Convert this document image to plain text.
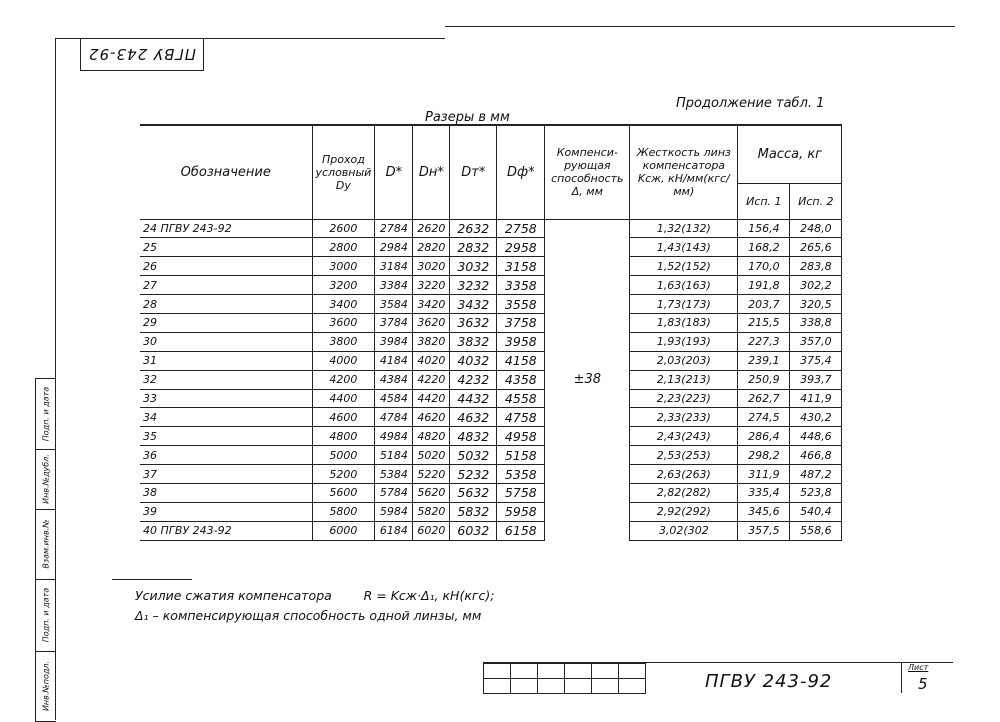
ПГВУ 243-92
Подп. и дата
Инв.№дубл.
Взам.инв.№
Подп. и дата
Инв.№подл.
Разеры в мм
Продолжение табл. 1
Обозначение	Проход условный Dу	D*	Dн*	Dт*	Dф*	Компенси- рующая способность Δ, мм	Жесткость линз компенсатора Kсж, кН/мм(кгс/мм)	Масса, кг	
								Исп. 1	Исп. 2
24 ПГВУ 243-92	2600	2784	2620	2632	2758	±38	1,32(132)	156,4	248,0
25	2800	2984	2820	2832	2958		1,43(143)	168,2	265,6
26	3000	3184	3020	3032	3158		1,52(152)	170,0	283,8
27	3200	3384	3220	3232	3358		1,63(163)	191,8	302,2
28	3400	3584	3420	3432	3558		1,73(173)	203,7	320,5
29	3600	3784	3620	3632	3758		1,83(183)	215,5	338,8
30	3800	3984	3820	3832	3958		1,93(193)	227,3	357,0
31	4000	4184	4020	4032	4158		2,03(203)	239,1	375,4
32	4200	4384	4220	4232	4358		2,13(213)	250,9	393,7
33	4400	4584	4420	4432	4558		2,23(223)	262,7	411,9
34	4600	4784	4620	4632	4758		2,33(233)	274,5	430,2
35	4800	4984	4820	4832	4958		2,43(243)	286,4	448,6
36	5000	5184	5020	5032	5158		2,53(253)	298,2	466,8
37	5200	5384	5220	5232	5358		2,63(263)	311,9	487,2
38	5600	5784	5620	5632	5758		2,82(282)	335,4	523,8
39	5800	5984	5820	5832	5958		2,92(292)	345,6	540,4
40 ПГВУ 243-92	6000	6184	6020	6032	6158		3,02(302	357,5	558,6
Усилие сжатия компенсатора        R = Kсж·Δ₁, кН(кгс);
Δ₁ – компенсирующая способность одной линзы, мм

ПГВУ 243-92
Лист
5
